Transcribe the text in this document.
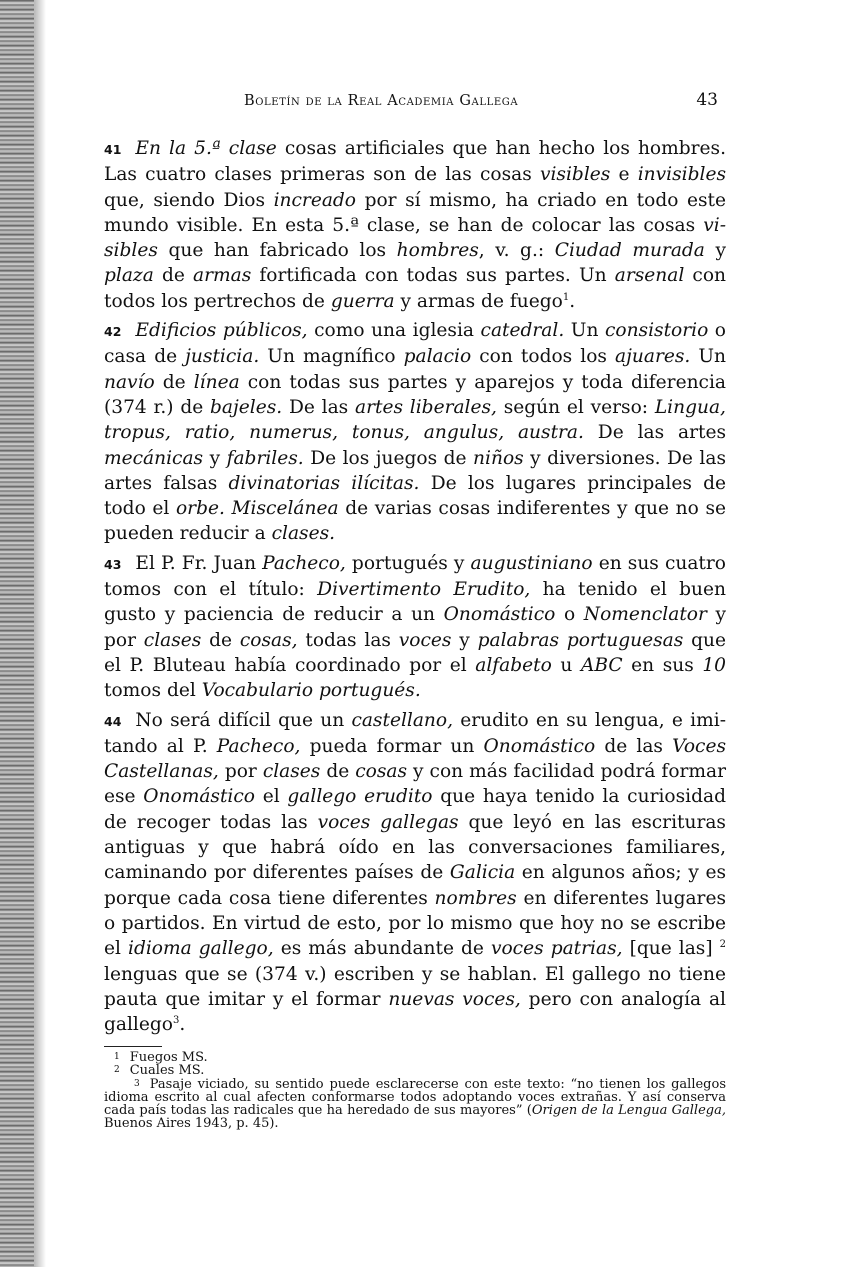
Boletín de la Real Academia Gallega	43

41 En la 5.ª clase cosas artificiales que han hecho los hombres. Las cuatro clases primeras son de las cosas visibles e invisibles que, siendo Dios increado por sí mismo, ha criado en todo este mundo visible. En esta 5.ª clase, se han de colocar las cosas visibles que han fabricado los hombres, v. g.: Ciudad murada y plaza de armas fortificada con todas sus partes. Un arsenal con todos los pertrechos de guerra y armas de fuego$^1$.

42 Edificios públicos, como una iglesia catedral. Un consistorio o casa de justicia. Un magnífico palacio con todos los ajuares. Un navío de línea con todas sus partes y aparejos y toda diferencia (374 r.) de bajeles. De las artes liberales, según el verso: Lingua, tropus, ratio, numerus, tonus, angulus, austra. De las artes mecánicas y fabriles. De los juegos de niños y diversiones. De las artes falsas divinatorias ilícitas. De los lugares principales de todo el orbe. Miscelánea de varias cosas indiferentes y que no se pueden reducir a clases.

43 El P. Fr. Juan Pacheco, portugués y augustiniano en sus cuatro tomos con el título: Divertimento Erudito, ha tenido el buen gusto y paciencia de reducir a un Onomástico o Nomenclator y por clases de cosas, todas las voces y palabras portuguesas que el P. Bluteau había coordinado por el alfabeto u ABC en sus 10 tomos del Vocabulario portugués.

44 No será difícil que un castellano, erudito en su lengua, e imitando al P. Pacheco, pueda formar un Onomástico de las Voces Castellanas, por clases de cosas y con más facilidad podrá formar ese Onomástico el gallego erudito que haya tenido la curiosidad de recoger todas las voces gallegas que leyó en las escrituras antiguas y que habrá oído en las conversaciones familiares, caminando por diferentes países de Galicia en algunos años; y es porque cada cosa tiene diferentes nombres en diferentes lugares o partidos. En virtud de esto, por lo mismo que hoy no se escribe el idioma gallego, es más abundante de voces patrias, [que las] $^2$ lenguas que se (374 v.) escriben y se hablan. El gallego no tiene pauta que imitar y el formar nuevas voces, pero con analogía al gallego$^3$.

$^1$ Fuegos MS.

$^2$ Cuales MS.

$^3$ Pasaje viciado, su sentido puede esclarecerse con este texto: “no tienen los gallegos idioma escrito al cual afecten conformarse todos adoptando voces extrañas. Y así conserva cada país todas las radicales que ha heredado de sus mayores” (Origen de la Lengua Gallega, Buenos Aires 1943, p. 45).
